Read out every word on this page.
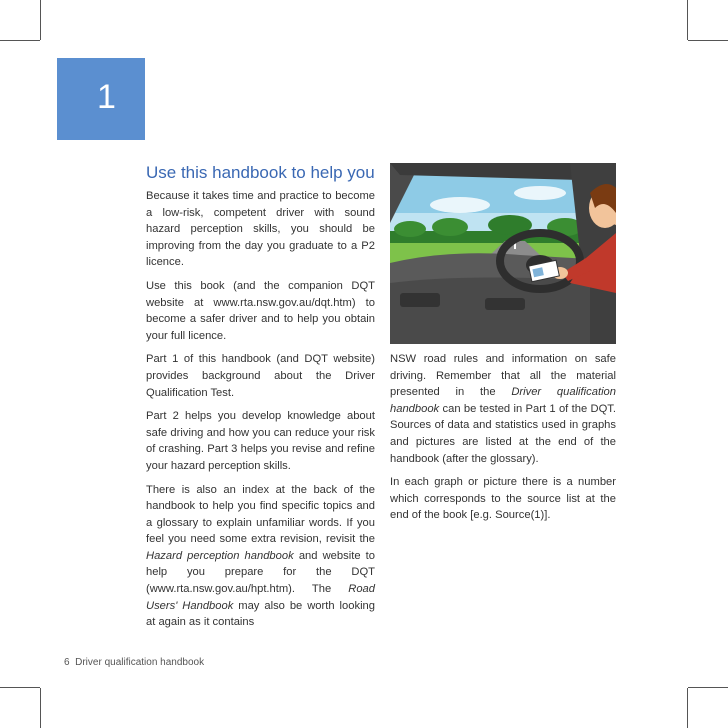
1
Use this handbook to help you

Because it takes time and practice to become a low-risk, competent driver with sound hazard perception skills, you should be improving from the day you graduate to a P2 licence.

Use this book (and the companion DQT website at www.rta.nsw.gov.au/dqt.htm) to become a safer driver and to help you obtain your full licence.

Part 1 of this handbook (and DQT website) provides background about the Driver Qualification Test.

Part 2 helps you develop knowledge about safe driving and how you can reduce your risk of crashing. Part 3 helps you revise and refine your hazard perception skills.

There is also an index at the back of the handbook to help you find specific topics and a glossary to explain unfamiliar words. If you feel you need some extra revision, revisit the Hazard perception handbook and website to help you prepare for the DQT (www.rta.nsw.gov.au/hpt.htm). The Road Users' Handbook may also be worth looking at again as it contains

NSW road rules and information on safe driving. Remember that all the material presented in the Driver qualification handbook can be tested in Part 1 of the DQT. Sources of data and statistics used in graphs and pictures are listed at the end of the handbook (after the glossary).

In each graph or picture there is a number which corresponds to the source list at the end of the book [e.g. Source(1)].

6 Driver qualification handbook
